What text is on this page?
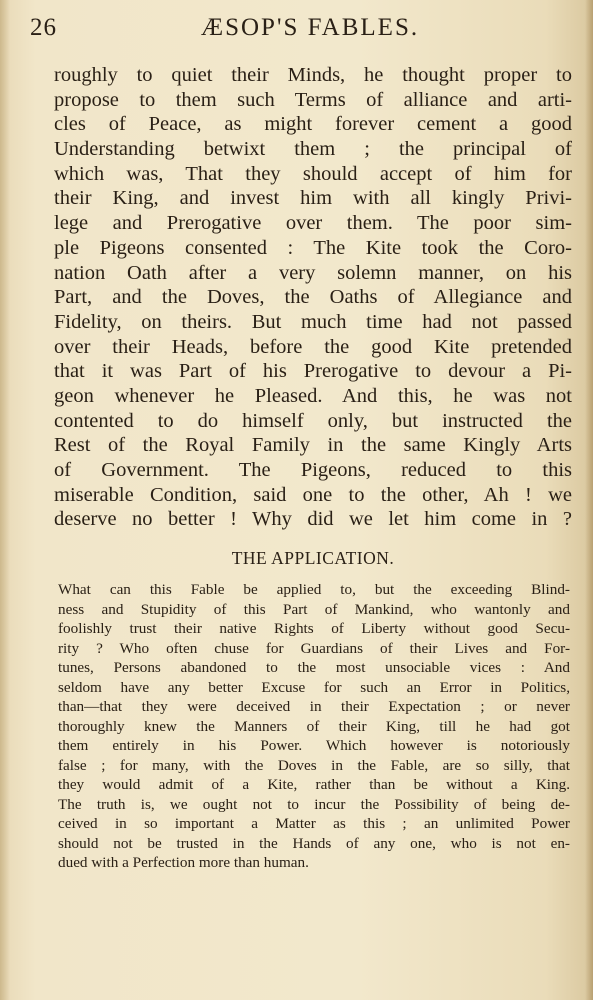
26	ÆSOP'S FABLES.
roughly to quiet their Minds, he thought proper to
propose to them such Terms of alliance and arti-
cles of Peace, as might forever cement a good
Understanding betwixt them ; the principal of
which was, That they should accept of him for
their King, and invest him with all kingly Privi-
lege and Prerogative over them. The poor sim-
ple Pigeons consented : The Kite took the Coro-
nation Oath after a very solemn manner, on his
Part, and the Doves, the Oaths of Allegiance and
Fidelity, on theirs. But much time had not passed
over their Heads, before the good Kite pretended
that it was Part of his Prerogative to devour a Pi-
geon whenever he Pleased. And this, he was not
contented to do himself only, but instructed the
Rest of the Royal Family in the same Kingly Arts
of Government. The Pigeons, reduced to this
miserable Condition, said one to the other, Ah ! we
deserve no better ! Why did we let him come in ?
THE APPLICATION.
What can this Fable be applied to, but the exceeding Blind-
ness and Stupidity of this Part of Mankind, who wantonly and
foolishly trust their native Rights of Liberty without good Secu-
rity ? Who often chuse for Guardians of their Lives and For-
tunes, Persons abandoned to the most unsociable vices : And
seldom have any better Excuse for such an Error in Politics,
than—that they were deceived in their Expectation ; or never
thoroughly knew the Manners of their King, till he had got
them entirely in his Power. Which however is notoriously
false ; for many, with the Doves in the Fable, are so silly, that
they would admit of a Kite, rather than be without a King.
The truth is, we ought not to incur the Possibility of being de-
ceived in so important a Matter as this ; an unlimited Power
should not be trusted in the Hands of any one, who is not en-
dued with a Perfection more than human.
